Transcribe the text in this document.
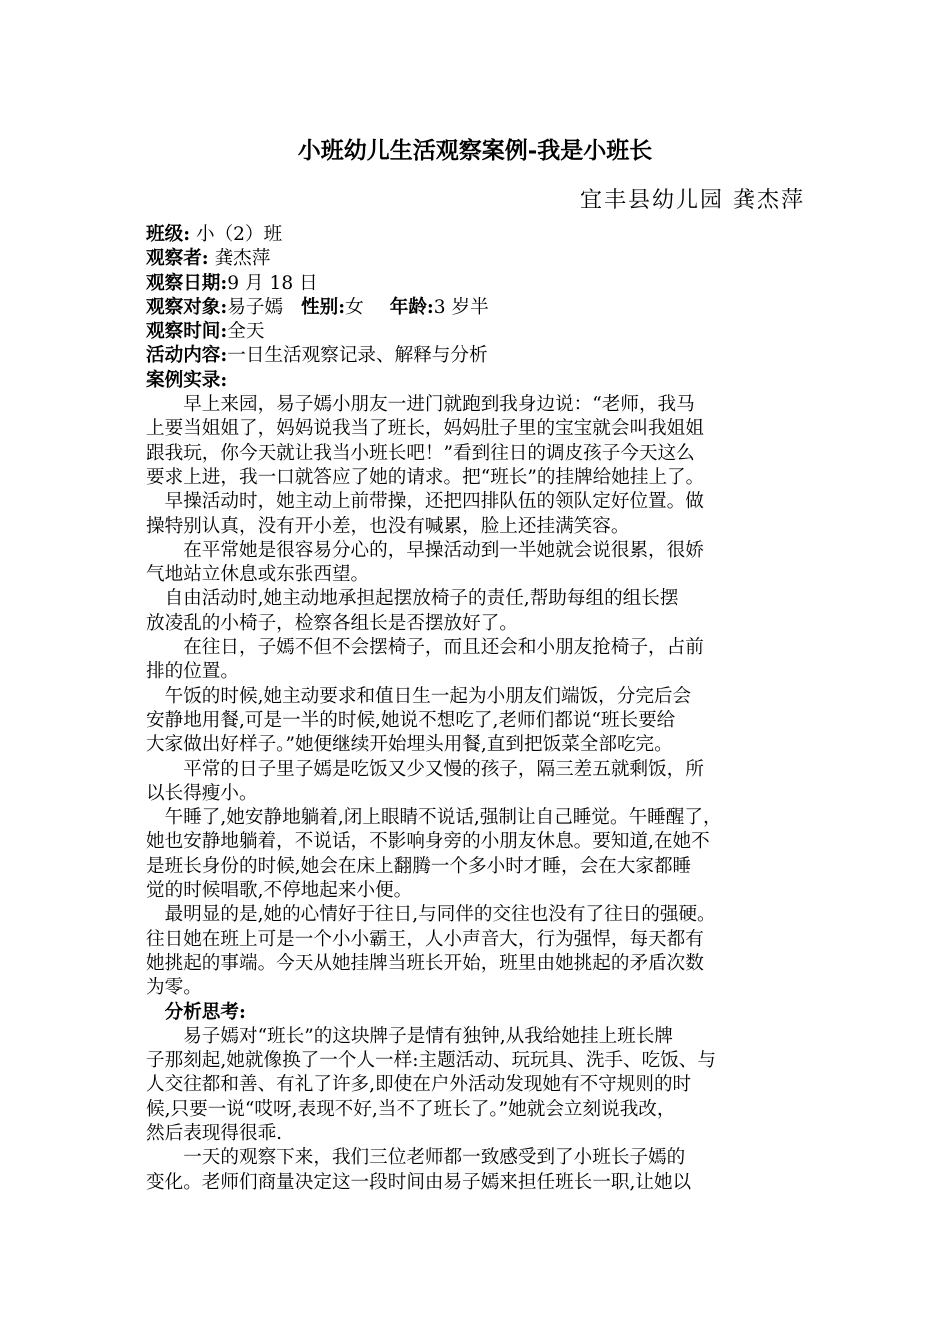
小班幼儿生活观察案例-我是小班长
宜丰县幼儿园 龚杰萍
班级: 小（2）班
观察者: 龚杰萍
观察日期:9 月 18 日
观察对象:易子嫣 性别:女 年龄:3 岁半
观察时间:全天
活动内容:一日生活观察记录、解释与分析
案例实录:
　　早上来园，易子嫣小朋友一进门就跑到我身边说：“老师，我马
上要当姐姐了，妈妈说我当了班长，妈妈肚子里的宝宝就会叫我姐姐
跟我玩，你今天就让我当小班长吧！”看到往日的调皮孩子今天这么
要求上进，我一口就答应了她的请求。把“班长”的挂牌给她挂上了。
　早操活动时，她主动上前带操，还把四排队伍的领队定好位置。做
操特别认真，没有开小差，也没有喊累，脸上还挂满笑容。
　　在平常她是很容易分心的，早操活动到一半她就会说很累，很娇
气地站立休息或东张西望。
　自由活动时,她主动地承担起摆放椅子的责任,帮助每组的组长摆
放凌乱的小椅子，检察各组长是否摆放好了。
　　在往日，子嫣不但不会摆椅子，而且还会和小朋友抢椅子，占前
排的位置。
　午饭的时候,她主动要求和值日生一起为小朋友们端饭，分完后会
安静地用餐,可是一半的时候,她说不想吃了,老师们都说“班长要给
大家做出好样子。”她便继续开始埋头用餐,直到把饭菜全部吃完。
　　平常的日子里子嫣是吃饭又少又慢的孩子，隔三差五就剩饭，所
以长得瘦小。
　午睡了,她安静地躺着,闭上眼睛不说话,强制让自己睡觉。午睡醒了，
她也安静地躺着，不说话，不影响身旁的小朋友休息。要知道,在她不
是班长身份的时候,她会在床上翻腾一个多小时才睡，会在大家都睡
觉的时候唱歌,不停地起来小便。
　最明显的是,她的心情好于往日,与同伴的交往也没有了往日的强硬。
往日她在班上可是一个小小霸王，人小声音大，行为强悍，每天都有
她挑起的事端。今天从她挂牌当班长开始，班里由她挑起的矛盾次数
为零。
　分析思考:
　　易子嫣对“班长”的这块牌子是情有独钟,从我给她挂上班长牌
子那刻起,她就像换了一个人一样:主题活动、玩玩具、洗手、吃饭、与
人交往都和善、有礼了许多,即使在户外活动发现她有不守规则的时
候,只要一说“哎呀,表现不好,当不了班长了。”她就会立刻说我改，
然后表现得很乖.
　　一天的观察下来，我们三位老师都一致感受到了小班长子嫣的
变化。老师们商量决定这一段时间由易子嫣来担任班长一职,让她以
